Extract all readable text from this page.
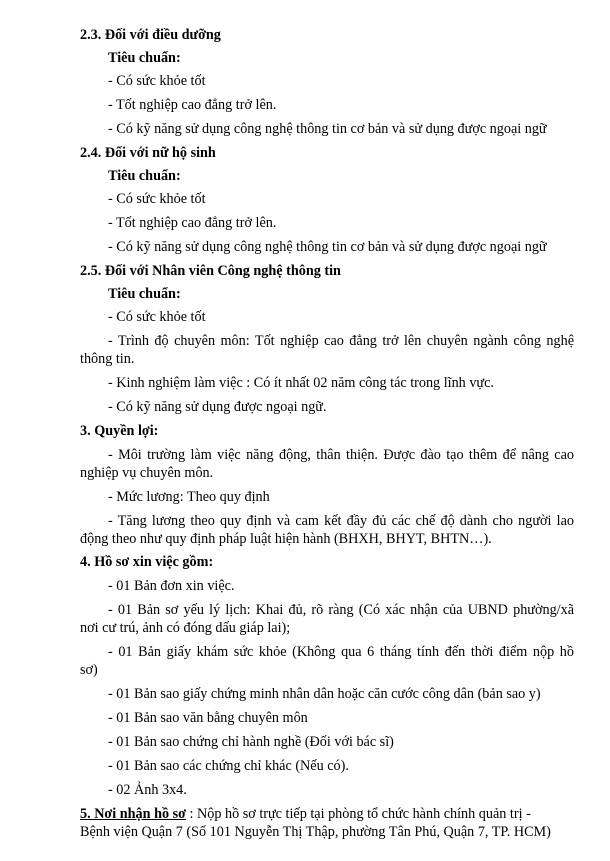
2.3. Đối với điều dưỡng
Tiêu chuẩn:
- Có sức khỏe tốt
- Tốt nghiệp cao đẳng trở lên.
- Có kỹ năng sử dụng công nghệ thông tin cơ bản và sử dụng được ngoại ngữ
2.4. Đối với nữ hộ sinh
Tiêu chuẩn:
- Có sức khỏe tốt
- Tốt nghiệp cao đẳng trở lên.
- Có kỹ năng sử dụng công nghệ thông tin cơ bản và sử dụng được ngoại ngữ
2.5. Đối với Nhân viên Công nghệ thông tin
Tiêu chuẩn:
- Có sức khỏe tốt
- Trình độ chuyên môn: Tốt nghiệp cao đẳng trở lên chuyên ngành công nghệ
thông tin.
- Kinh nghiệm làm việc : Có ít nhất 02 năm công tác trong lĩnh vực.
- Có kỹ năng sử dụng được ngoại ngữ.
3. Quyền lợi:
- Môi trường làm việc năng động, thân thiện. Được đào tạo thêm để nâng cao
nghiệp vụ chuyên môn.
- Mức lương: Theo quy định
- Tăng lương theo quy định và cam kết đầy đủ các chế độ dành cho người lao
động theo như quy định pháp luật hiện hành (BHXH, BHYT, BHTN…).
4. Hồ sơ xin việc gồm:
- 01 Bản đơn xin việc.
- 01 Bản sơ yếu lý lịch: Khai đủ, rõ ràng (Có xác nhận của UBND phường/xã
nơi cư trú, ảnh có đóng dấu giáp lai);
- 01 Bản giấy khám sức khỏe (Không qua 6 tháng tính đến thời điểm nộp hồ
sơ)
- 01 Bản sao giấy chứng minh nhân dân hoặc căn cước công dân (bản sao y)
- 01 Bản sao văn bằng chuyên môn
- 01 Bản sao chứng chỉ hành nghề (Đối với bác sĩ)
- 01 Bản sao các chứng chỉ khác (Nếu có).
- 02 Ảnh 3x4.
5. Nơi nhận hồ sơ : Nộp hồ sơ trực tiếp tại phòng tổ chức hành chính quản trị -
Bệnh viện Quận 7 (Số 101 Nguyễn Thị Thập, phường Tân Phú, Quận 7, TP. HCM)
